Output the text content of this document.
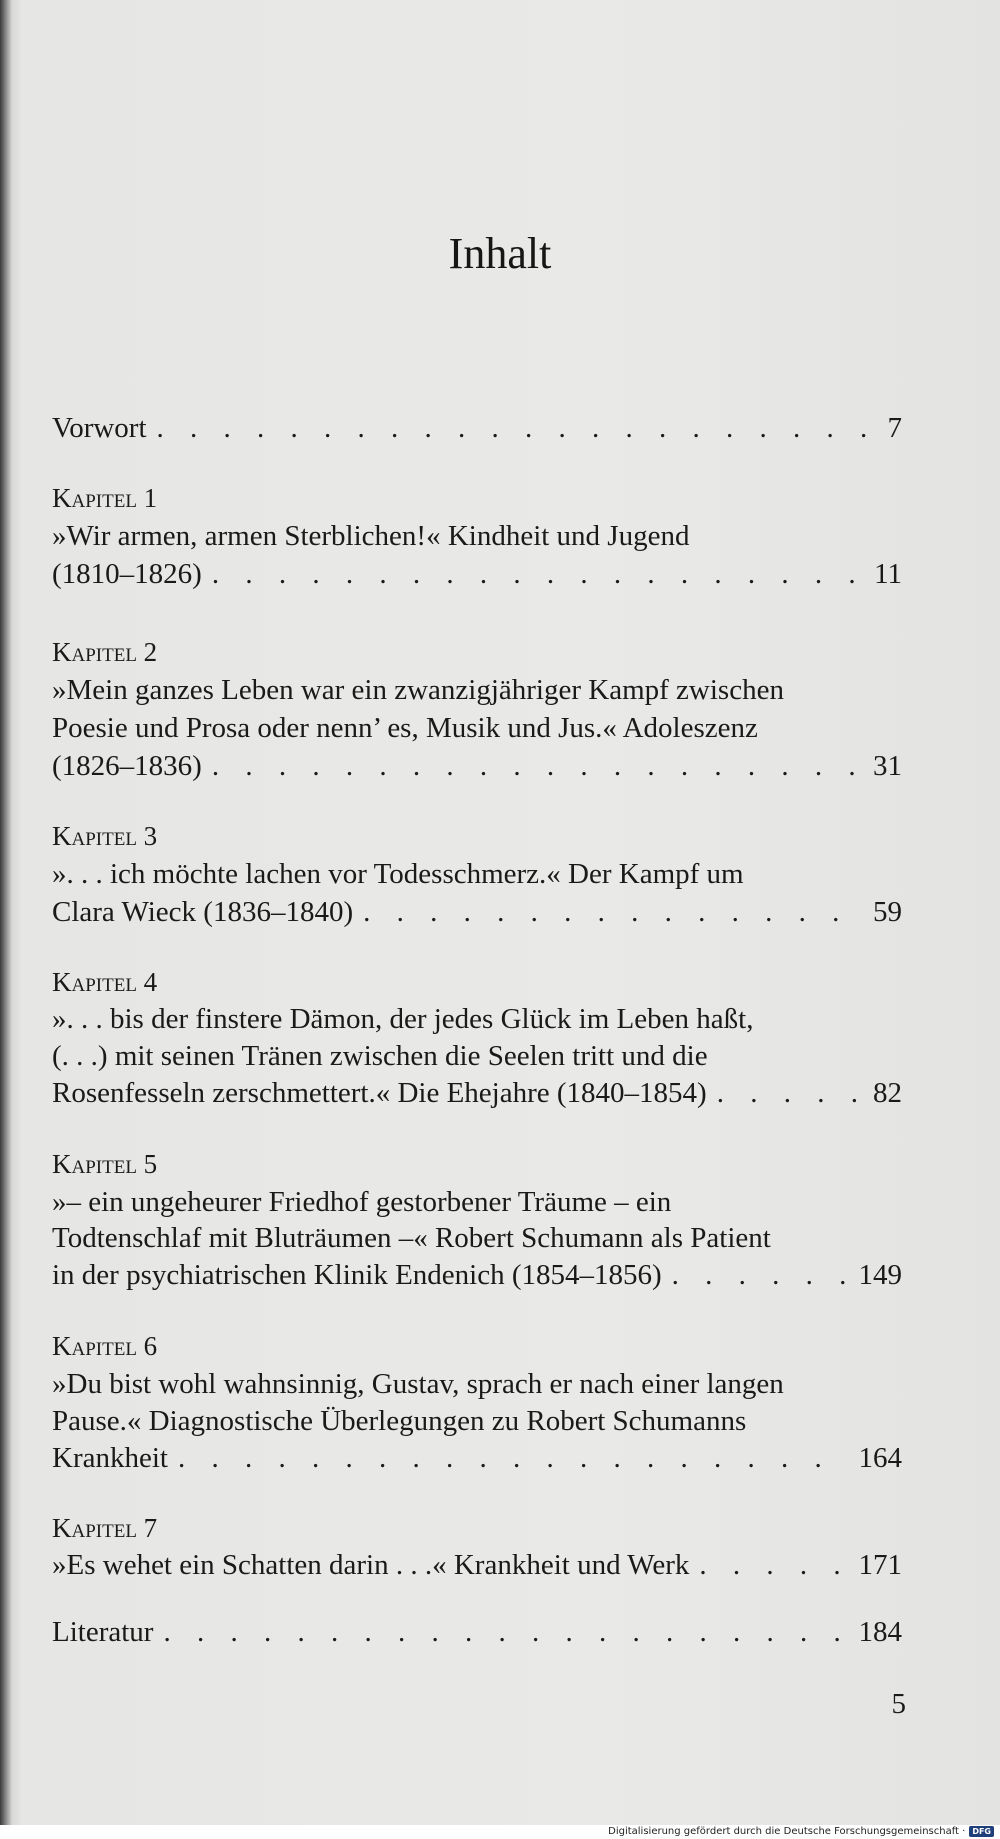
Inhalt
Vorwort . . .	7
Kapitel 1
»Wir armen, armen Sterblichen!« Kindheit und Jugend
(1810–1826) . . .	11
Kapitel 2
»Mein ganzes Leben war ein zwanzigjähriger Kampf zwischen
Poesie und Prosa oder nenn’ es, Musik und Jus.« Adoleszenz
(1826–1836) . . .	31
Kapitel 3
». . . ich möchte lachen vor Todesschmerz.« Der Kampf um
Clara Wieck (1836–1840) . . .	59
Kapitel 4
». . . bis der finstere Dämon, der jedes Glück im Leben haßt,
(. . .) mit seinen Tränen zwischen die Seelen tritt und die
Rosenfesseln zerschmettert.« Die Ehejahre (1840–1854) . . .	82
Kapitel 5
»– ein ungeheurer Friedhof gestorbener Träume – ein
Todtenschlaf mit Bluträumen –« Robert Schumann als Patient
in der psychiatrischen Klinik Endenich (1854–1856) . . .	149
Kapitel 6
»Du bist wohl wahnsinnig, Gustav, sprach er nach einer langen
Pause.« Diagnostische Überlegungen zu Robert Schumanns
Krankheit . . .	164
Kapitel 7
»Es wehet ein Schatten darin . . .« Krankheit und Werk . . .	171
Literatur . . .	184
5
Digitalisierung gefördert durch die Deutsche Forschungsgemeinschaft · DFG
